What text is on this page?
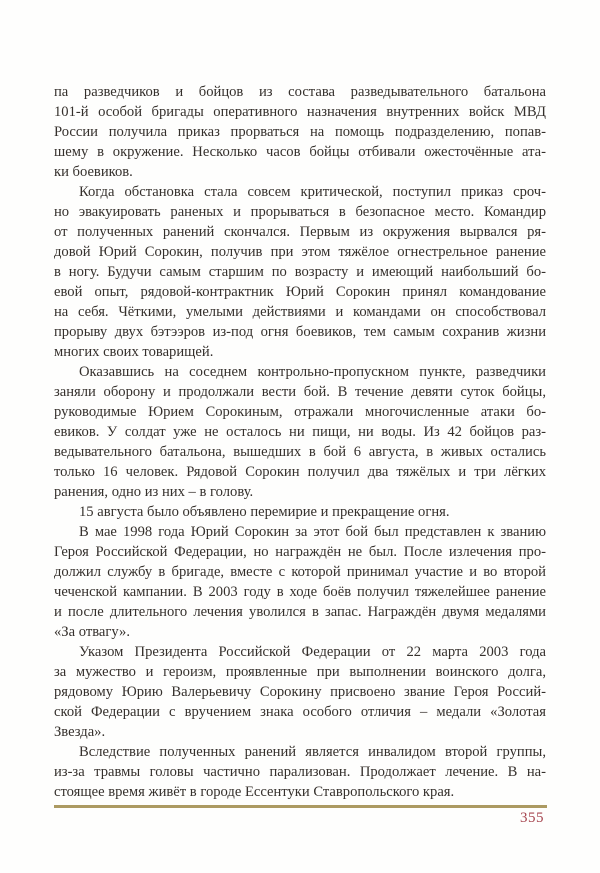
па разведчиков и бойцов из состава разведывательного батальона
101-й особой бригады оперативного назначения внутренних войск МВД
России получила приказ прорваться на помощь подразделению, попав-
шему в окружение. Несколько часов бойцы отбивали ожесточённые ата-
ки боевиков.
Когда обстановка стала совсем критической, поступил приказ сроч-
но эвакуировать раненых и прорываться в безопасное место. Командир
от полученных ранений скончался. Первым из окружения вырвался ря-
довой Юрий Сорокин, получив при этом тяжёлое огнестрельное ранение
в ногу. Будучи самым старшим по возрасту и имеющий наибольший бо-
евой опыт, рядовой-контрактник Юрий Сорокин принял командование
на себя. Чёткими, умелыми действиями и командами он способствовал
прорыву двух бэтээров из-под огня боевиков, тем самым сохранив жизни
многих своих товарищей.
Оказавшись на соседнем контрольно-пропускном пункте, разведчики
заняли оборону и продолжали вести бой. В течение девяти суток бойцы,
руководимые Юрием Сорокиным, отражали многочисленные атаки бо-
евиков. У солдат уже не осталось ни пищи, ни воды. Из 42 бойцов раз-
ведывательного батальона, вышедших в бой 6 августа, в живых остались
только 16 человек. Рядовой Сорокин получил два тяжёлых и три лёгких
ранения, одно из них – в голову.
15 августа было объявлено перемирие и прекращение огня.
В мае 1998 года Юрий Сорокин за этот бой был представлен к званию
Героя Российской Федерации, но награждён не был. После излечения про-
должил службу в бригаде, вместе с которой принимал участие и во второй
чеченской кампании. В 2003 году в ходе боёв получил тяжелейшее ранение
и после длительного лечения уволился в запас. Награждён двумя медалями
«За отвагу».
Указом Президента Российской Федерации от 22 марта 2003 года
за мужество и героизм, проявленные при выполнении воинского долга,
рядовому Юрию Валерьевичу Сорокину присвоено звание Героя Россий-
ской Федерации с вручением знака особого отличия – медали «Золотая
Звезда».
Вследствие полученных ранений является инвалидом второй группы,
из-за травмы головы частично парализован. Продолжает лечение. В на-
стоящее время живёт в городе Ессентуки Ставропольского края.
355
